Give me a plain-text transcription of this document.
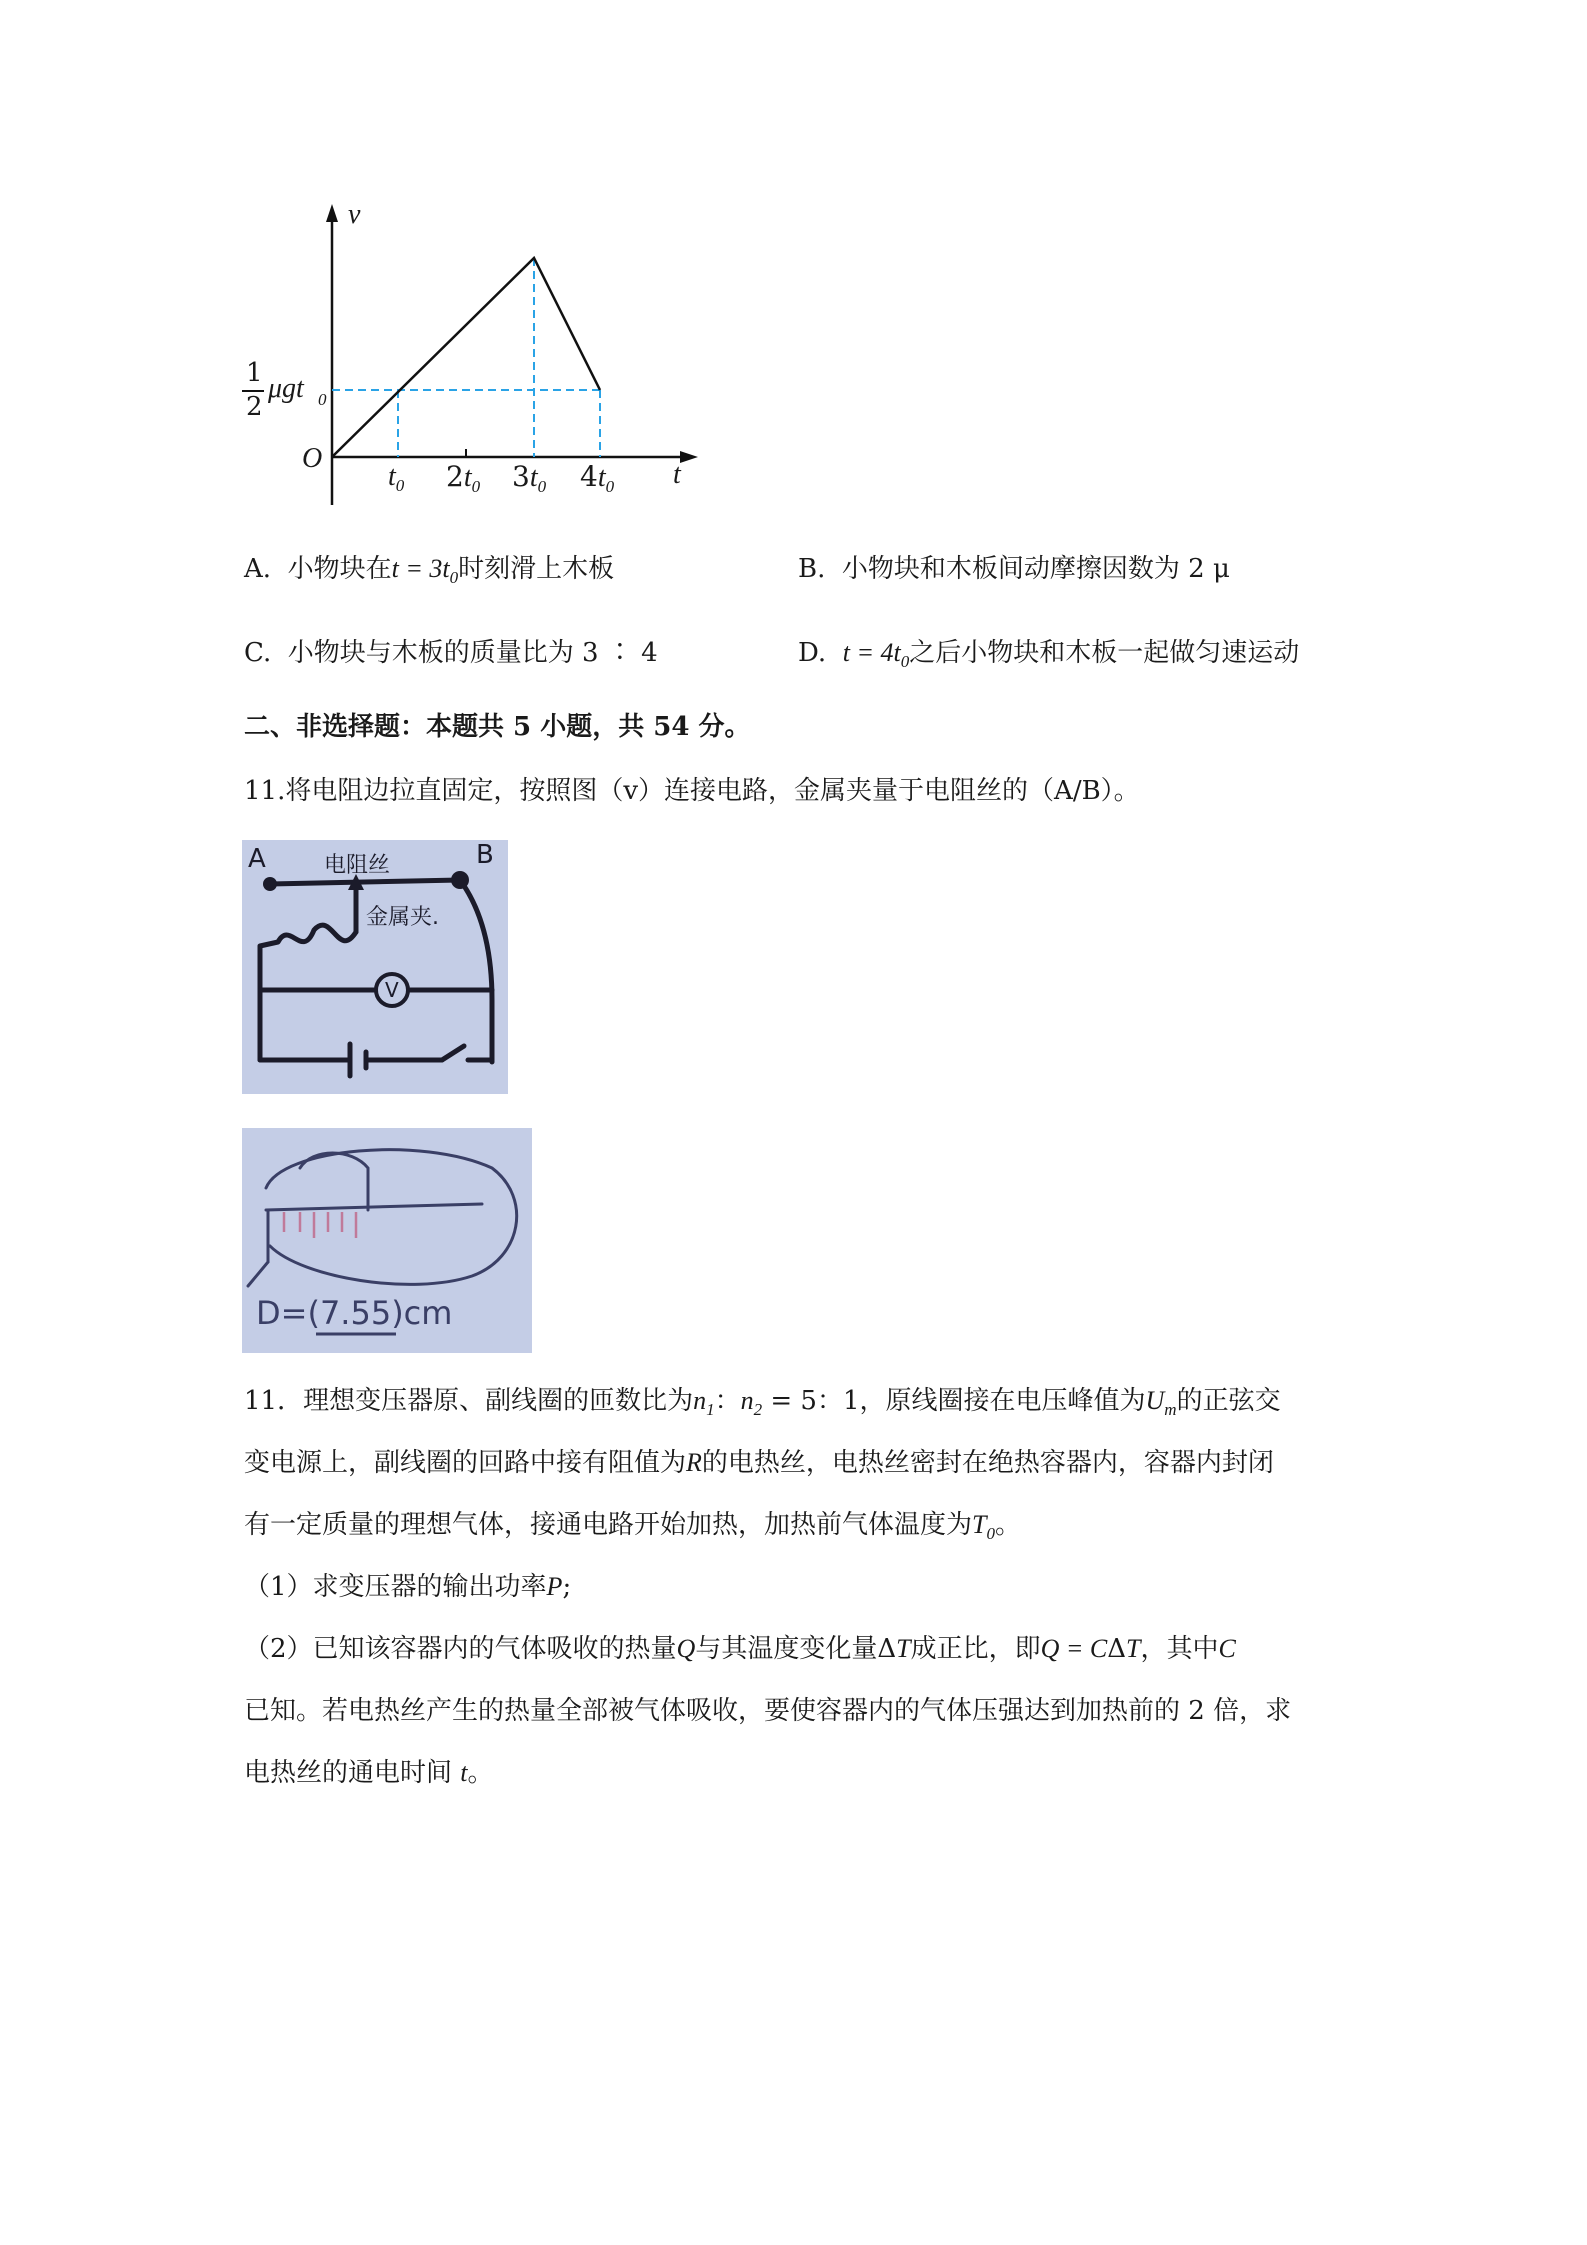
v
t
O
1
2
μgt 0
$t_0$ $2t_0$ $3t_0$ $4t_0$
A. 小物块在$t = 3t_0$时刻滑上木板	B. 小物块和木板间动摩擦因数为 2 μ
C. 小物块与木板的质量比为 3 ∶ 4	D. $t = 4t_0$之后小物块和木板一起做匀速运动
二、非选择题：本题共 5 小题，共 54 分。
11.将电阻边拉直固定，按照图（v）连接电路，金属夹量于电阻丝的（A/B）。
A	B
电阻丝
金属夹.
V
D=(7.55)cm
11．理想变压器原、副线圈的匝数比为$n_1$：$n_2 = 5$：1，原线圈接在电压峰值为$U_m$的正弦交
变电源上，副线圈的回路中接有阻值为R的电热丝，电热丝密封在绝热容器内，容器内封闭
有一定质量的理想气体，接通电路开始加热，加热前气体温度为$T_0$。
（1）求变压器的输出功率P;
（2）已知该容器内的气体吸收的热量Q与其温度变化量ΔT成正比，即Q = CΔT，其中C
已知。若电热丝产生的热量全部被气体吸收，要使容器内的气体压强达到加热前的 2 倍，求
电热丝的通电时间 t。
